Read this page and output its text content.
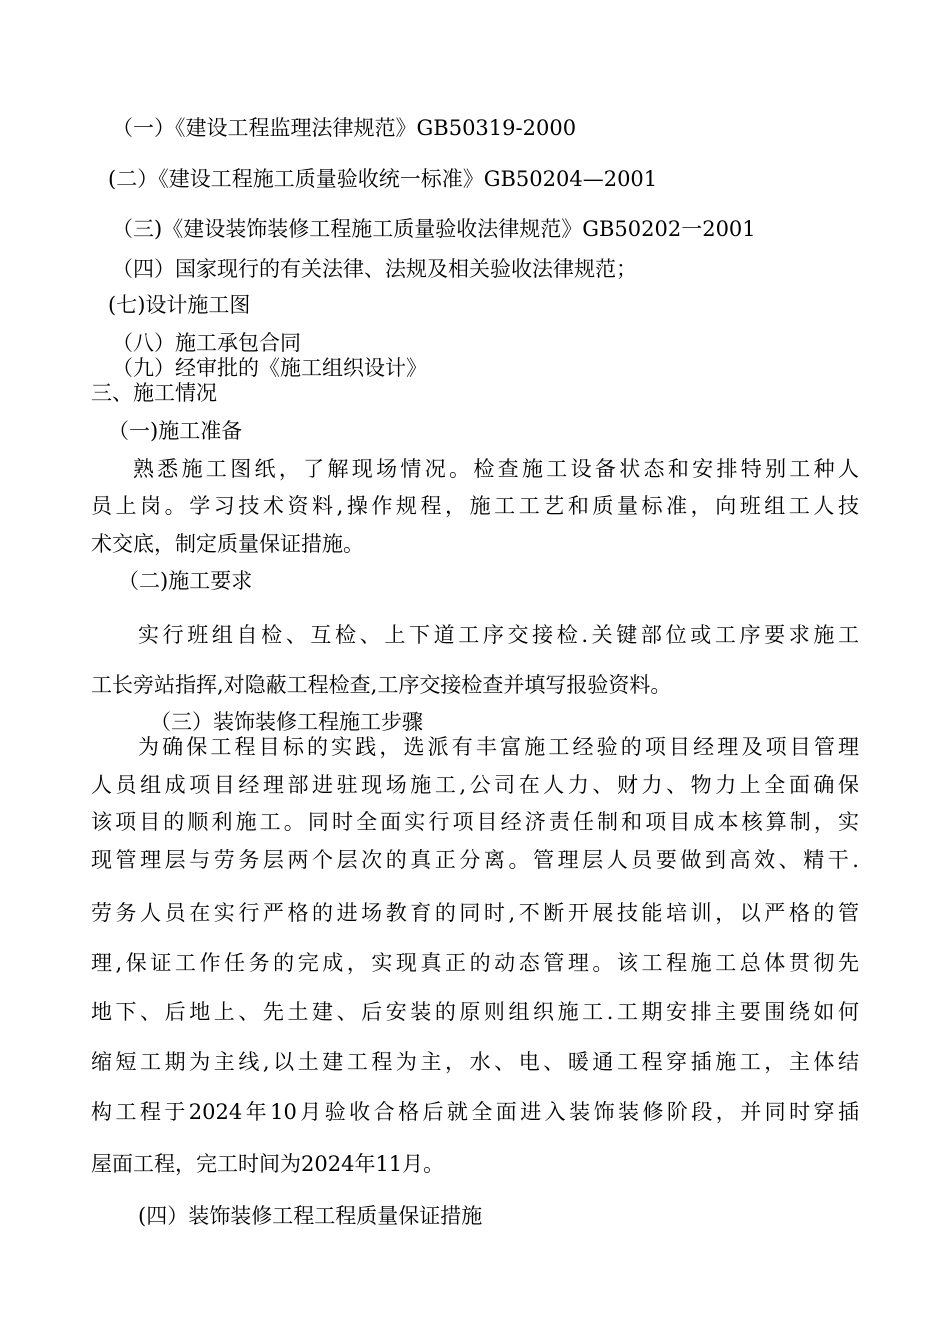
（一）《建设工程监理法律规范》GB50319-2000
(二）《建设工程施工质量验收统一标准》GB50204—2001
（三)《建设装饰装修工程施工质量验收法律规范》GB50202一2001
（四）国家现行的有关法律、法规及相关验收法律规范；
(七)设计施工图
（八）施工承包合同
（九）经审批的《施工组织设计》
三、施工情况
（一)施工准备
熟悉施工图纸，了解现场情况。检查施工设备状态和安排特别工种人
员上岗。学习技术资料,操作规程，施工工艺和质量标准，向班组工人技
术交底，制定质量保证措施。
（二)施工要求
实行班组自检、互检、上下道工序交接检.关键部位或工序要求施工
工长旁站指挥,对隐蔽工程检查,工序交接检查并填写报验资料。
（三）装饰装修工程施工步骤
为确保工程目标的实践，选派有丰富施工经验的项目经理及项目管理
人员组成项目经理部进驻现场施工,公司在人力、财力、物力上全面确保
该项目的顺利施工。同时全面实行项目经济责任制和项目成本核算制，实
现管理层与劳务层两个层次的真正分离。管理层人员要做到高效、精干.
劳务人员在实行严格的进场教育的同时,不断开展技能培训，以严格的管
理,保证工作任务的完成，实现真正的动态管理。该工程施工总体贯彻先
地下、后地上、先土建、后安装的原则组织施工.工期安排主要围绕如何
缩短工期为主线,以土建工程为主，水、电、暖通工程穿插施工，主体结
构工程于2024年10月验收合格后就全面进入装饰装修阶段，并同时穿插
屋面工程，完工时间为2024年11月。
(四）装饰装修工程工程质量保证措施
